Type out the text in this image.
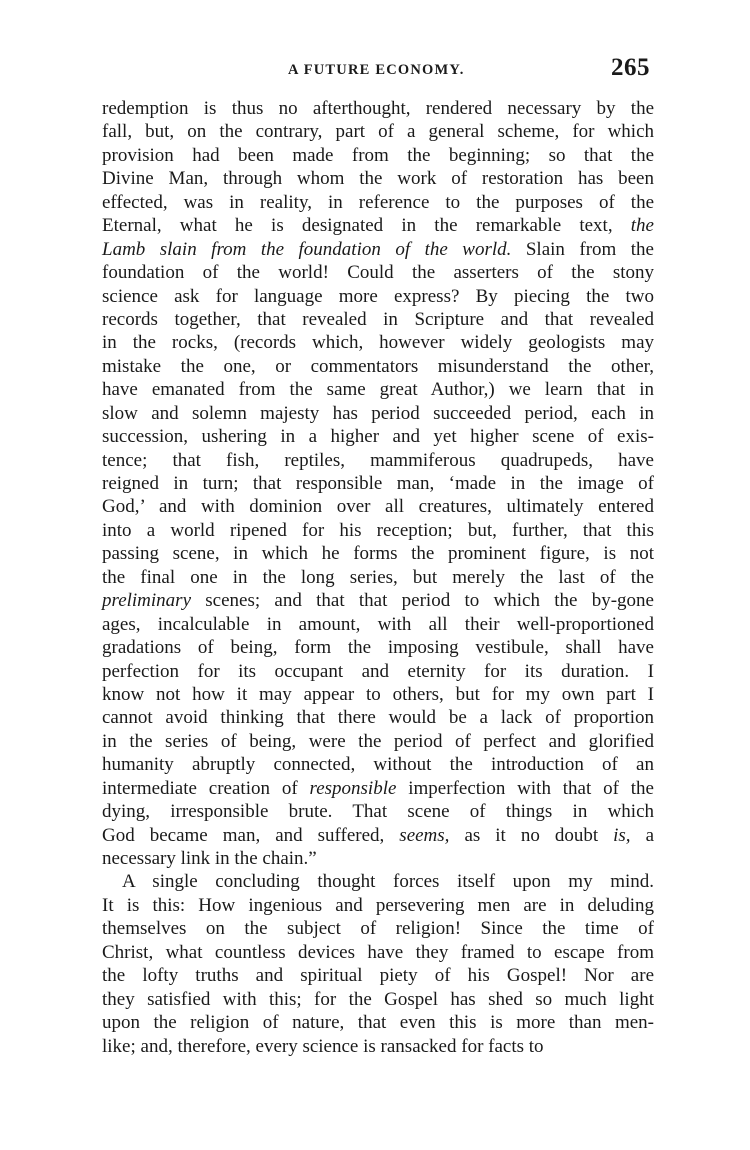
A FUTURE ECONOMY.	265
redemption is thus no afterthought, rendered necessary by the
fall, but, on the contrary, part of a general scheme, for which
provision had been made from the beginning; so that the
Divine Man, through whom the work of restoration has been
effected, was in reality, in reference to the purposes of the
Eternal, what he is designated in the remarkable text, the
Lamb slain from the foundation of the world. Slain from the
foundation of the world! Could the asserters of the stony
science ask for language more express? By piecing the two
records together, that revealed in Scripture and that revealed
in the rocks, (records which, however widely geologists may
mistake the one, or commentators misunderstand the other,
have emanated from the same great Author,) we learn that in
slow and solemn majesty has period succeeded period, each in
succession, ushering in a higher and yet higher scene of exis-
tence; that fish, reptiles, mammiferous quadrupeds, have
reigned in turn; that responsible man, ‘made in the image of
God,’ and with dominion over all creatures, ultimately entered
into a world ripened for his reception; but, further, that this
passing scene, in which he forms the prominent figure, is not
the final one in the long series, but merely the last of the
preliminary scenes; and that that period to which the by-gone
ages, incalculable in amount, with all their well-proportioned
gradations of being, form the imposing vestibule, shall have
perfection for its occupant and eternity for its duration. I
know not how it may appear to others, but for my own part I
cannot avoid thinking that there would be a lack of proportion
in the series of being, were the period of perfect and glorified
humanity abruptly connected, without the introduction of an
intermediate creation of responsible imperfection with that of the
dying, irresponsible brute. That scene of things in which
God became man, and suffered, seems, as it no doubt is, a
necessary link in the chain.”
A single concluding thought forces itself upon my mind.
It is this: How ingenious and persevering men are in deluding
themselves on the subject of religion! Since the time of
Christ, what countless devices have they framed to escape from
the lofty truths and spiritual piety of his Gospel! Nor are
they satisfied with this; for the Gospel has shed so much light
upon the religion of nature, that even this is more than men-
like; and, therefore, every science is ransacked for facts to
